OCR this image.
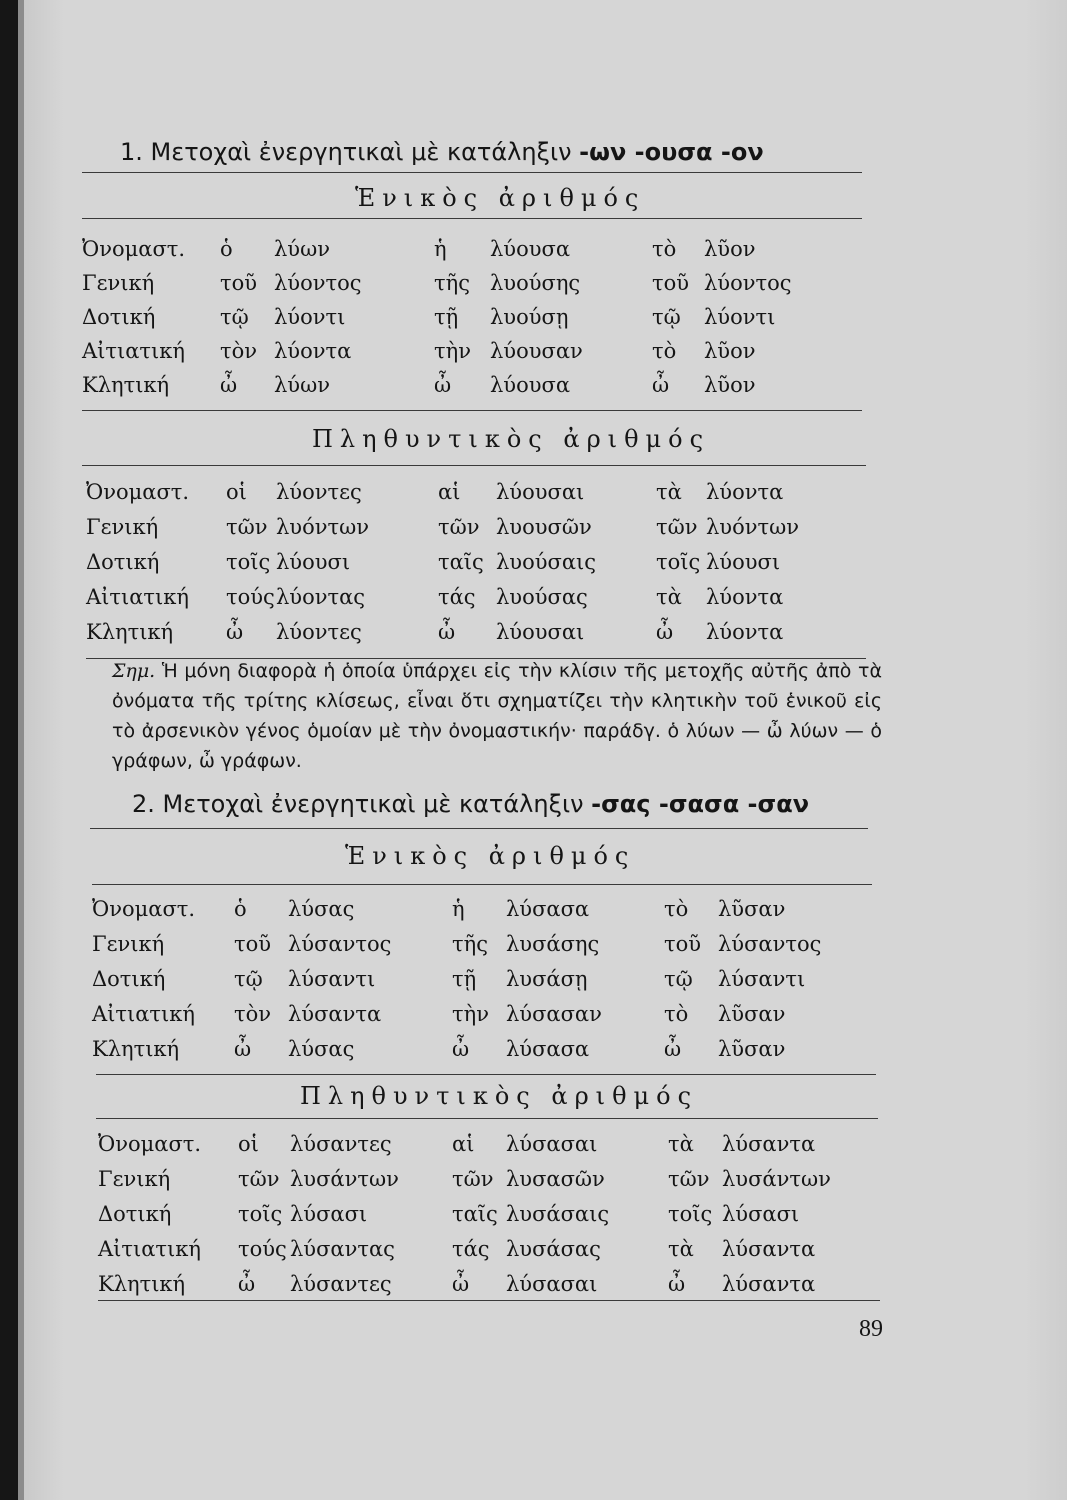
1. Μετοχαὶ ἐνεργητικαὶ μὲ κατάληξιν -ων -ουσα -ον
Ἑνικὸς ἀριθμός
Ὀνομαστ. ὁ λύων	ἡ λύουσα	τὸ λῦον
Γενική	τοῦ λύοντος	τῆς λυούσης	τοῦ λύοντος
Δοτική	τῷ λύοντι	τῇ λυούσῃ	τῷ λύοντι
Αἰτιατική τὸν λύοντα	τὴν λύουσαν	τὸ λῦον
Κλητική ὦ λύων	ὦ λύουσα	ὦ λῦον
Πληθυντικὸς ἀριθμός
Ὀνομαστ. οἱ λύοντες	αἱ λύουσαι	τὰ λύοντα
Γενική	τῶν λυόντων	τῶν λυουσῶν	τῶν λυόντων
Δοτική	τοῖς λύουσι	ταῖς λυούσαις	τοῖς λύουσι
Αἰτιατική τούς λύοντας	τάς λυούσας	τὰ λύοντα
Κλητική	ὦ λύοντες	ὦ λύουσαι	ὦ λύοντα
Σημ. Ἡ μόνη διαφορὰ ἡ ὁποία ὑπάρχει εἰς τὴν κλίσιν τῆς μετοχῆς αὐτῆς ἀπὸ τὰ ὀνόματα τῆς τρίτης κλίσεως, εἶναι ὅτι σχηματίζει τὴν κλητικὴν τοῦ ἑνικοῦ εἰς τὸ ἀρσενικὸν γένος ὁμοίαν μὲ τὴν ὀνομαστικήν· παράδγ. ὁ λύων — ὦ λύων — ὁ γράφων, ὦ γράφων.
2. Μετοχαὶ ἐνεργητικαὶ μὲ κατάληξιν -σας -σασα -σαν
Ἑνικὸς ἀριθμός
Ὀνομαστ. ὁ λύσας	ἡ λύσασα	τὸ λῦσαν
Γενική	τοῦ λύσαντος	τῆς λυσάσης	τοῦ λύσαντος
Δοτική	τῷ λύσαντι	τῇ λυσάσῃ	τῷ λύσαντι
Αἰτιατική τὸν λύσαντα	τὴν λύσασαν	τὸ λῦσαν
Κλητική	ὦ λύσας	ὦ λύσασα	ὦ λῦσαν
Πληθυντικὸς ἀριθμός
Ὀνομαστ. οἱ λύσαντες	αἱ λύσασαι	τὰ λύσαντα
Γενική	τῶν λυσάντων	τῶν λυσασῶν	τῶν λυσάντων
Δοτική	τοῖς λύσασι	ταῖς λυσάσαις	τοῖς λύσασι
Αἰτιατική τούς λύσαντας	τάς λυσάσας	τὰ λύσαντα
Κλητική	ὦ λύσαντες	ὦ λύσασαι	ὦ λύσαντα
89
